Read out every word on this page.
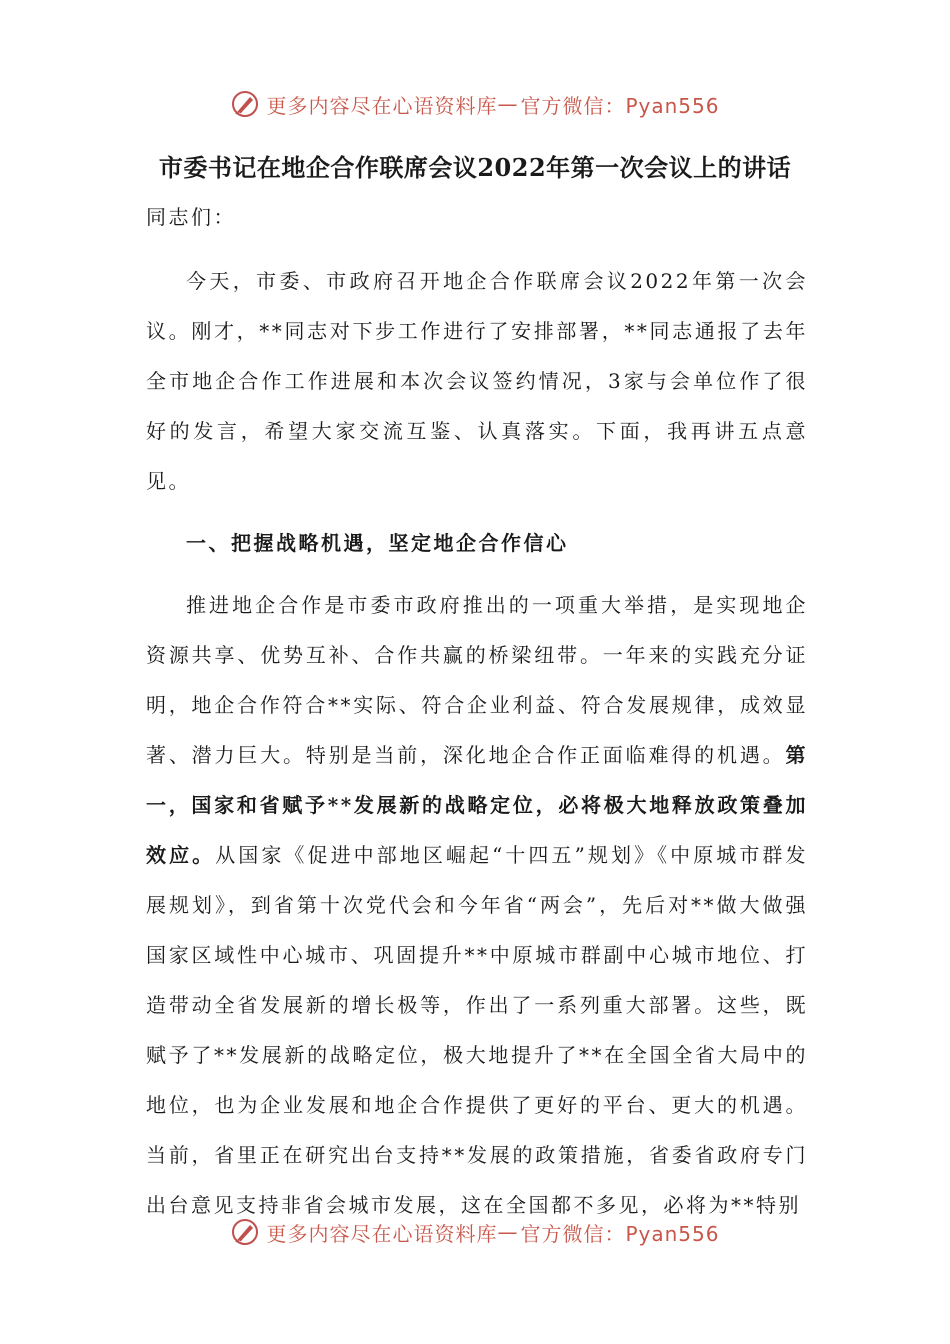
更多内容尽在心语资料库 — 官方微信：Pyan556
市委书记在地企合作联席会议2022年第一次会议上的讲话

同志们：

今天，市委、市政府召开地企合作联席会议2022年第一次会议。刚才，**同志对下步工作进行了安排部署，**同志通报了去年全市地企合作工作进展和本次会议签约情况，3家与会单位作了很好的发言，希望大家交流互鉴、认真落实。下面，我再讲五点意见。

一、把握战略机遇，坚定地企合作信心

推进地企合作是市委市政府推出的一项重大举措，是实现地企资源共享、优势互补、合作共赢的桥梁纽带。一年来的实践充分证明，地企合作符合**实际、符合企业利益、符合发展规律，成效显著、潜力巨大。特别是当前，深化地企合作正面临难得的机遇。第一，国家和省赋予**发展新的战略定位，必将极大地释放政策叠加效应。从国家《促进中部地区崛起“十四五”规划》《中原城市群发展规划》，到省第十次党代会和今年省“两会”，先后对**做大做强国家区域性中心城市、巩固提升**中原城市群副中心城市地位、打造带动全省发展新的增长极等，作出了一系列重大部署。这些，既赋予了**发展新的战略定位，极大地提升了**在全国全省大局中的地位，也为企业发展和地企合作提供了更好的平台、更大的机遇。当前，省里正在研究出台支持**发展的政策措施，省委省政府专门出台意见支持非省会城市发展，这在全国都不多见，必将为**特别

更多内容尽在心语资料库 — 官方微信：Pyan556
